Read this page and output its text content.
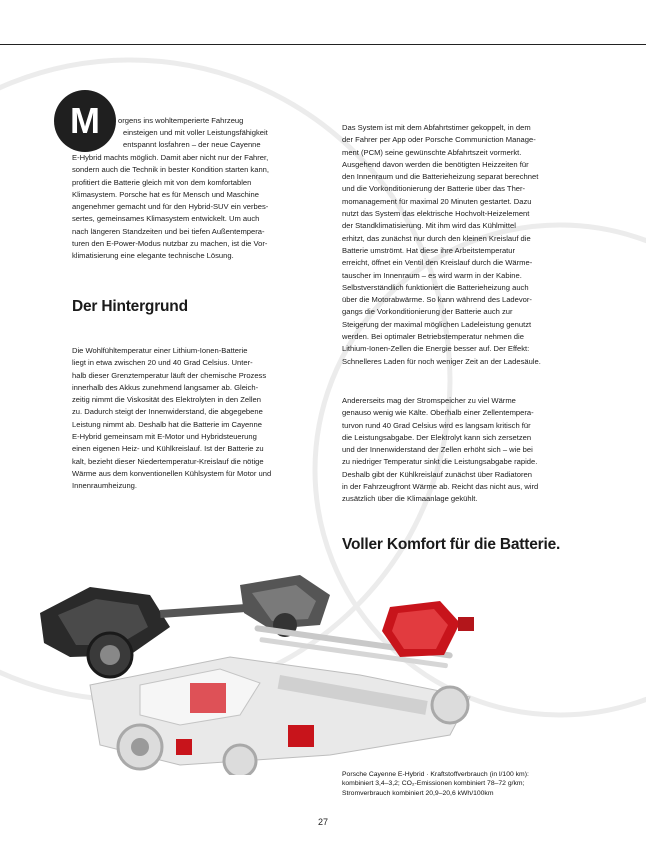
M	orgens ins wohltemperierte Fahrzeug

einsteigen und mit voller Leistungsfähigkeit

entspannt losfahren – der neue Cayenne

E-Hybrid machts möglich. Damit aber nicht nur der Fahrer,

sondern auch die Technik in bester Kondition starten kann,

profitiert die Batterie gleich mit von dem komfortablen

Klimasystem. Porsche hat es für Mensch und Maschine

angenehmer gemacht und für den Hybrid-SUV ein verbes-

sertes, gemeinsames Klimasystem entwickelt. Um auch

nach längeren Standzeiten und bei tiefen Außentempera-

turen den E-Power-Modus nutzbar zu machen, ist die Vor-

klimatisierung eine elegante technische Lösung.

Der Hintergrund

Die Wohlfühltemperatur einer Lithium-Ionen-Batterie

liegt in etwa zwischen 20 und 40 Grad Celsius. Unter-

halb dieser Grenztemperatur läuft der chemische Prozess

innerhalb des Akkus zunehmend langsamer ab. Gleich-

zeitig nimmt die Viskosität des Elektrolyten in den Zellen

zu. Dadurch steigt der Innenwiderstand, die abgegebene

Leistung nimmt ab. Deshalb hat die Batterie im Cayenne

E-Hybrid gemeinsam mit E-Motor und Hybridsteuerung

einen eigenen Heiz- und Kühlkreislauf. Ist der Batterie zu

kalt, bezieht dieser Niedertemperatur-Kreislauf die nötige

Wärme aus dem konventionellen Kühlsystem für Motor und

Innenraumheizung.

Das System ist mit dem Abfahrtstimer gekoppelt, in dem

der Fahrer per App oder Porsche Communiction Manage-

ment (PCM) seine gewünschte Abfahrtszeit vormerkt.

Ausgehend davon werden die benötigten Heizzeiten für

den Innenraum und die Batterieheizung separat berechnet

und die Vorkonditionierung der Batterie über das Ther-

momanagement für maximal 20 Minuten gestartet. Dazu

nutzt das System das elektrische Hochvolt-Heizelement

der Standklimatisierung. Mit ihm wird das Kühlmittel

erhitzt, das zunächst nur durch den kleinen Kreislauf die

Batterie umströmt. Hat diese ihre Arbeitstemperatur

erreicht, öffnet ein Ventil den Kreislauf durch die Wärme-

tauscher im Innenraum – es wird warm in der Kabine.

Selbstverständlich funktioniert die Batterieheizung auch

über die Motorabwärme. So kann während des Ladevor-

gangs die Vorkonditionierung der Batterie auch zur

Steigerung der maximal möglichen Ladeleistung genutzt

werden. Bei optimaler Betriebstemperatur nehmen die

Lithium-Ionen-Zellen die Energie besser auf. Der Effekt:

Schnelleres Laden für noch weniger Zeit an der Ladesäule.

Andererseits mag der Stromspeicher zu viel Wärme

genauso wenig wie Kälte. Oberhalb einer Zellentempera-

turvon rund 40 Grad Celsius wird es langsam kritisch für

die Leistungsabgabe. Der Elektrolyt kann sich zersetzen

und der Innenwiderstand der Zellen erhöht sich – wie bei

zu niedriger Temperatur sinkt die Leistungsabgabe rapide.

Deshalb gibt der Kühlkreislauf zunächst über Radiatoren

in der Fahrzeugfront Wärme ab. Reicht das nicht aus, wird

zusätzlich über die Klimaanlage gekühlt.

Voller Komfort für die Batterie.

Porsche Cayenne E-Hybrid · Kraftstoffverbrauch (in l/100 km):

kombiniert 3,4–3,2; CO₂-Emissionen kombiniert 78–72 g/km;

Stromverbrauch kombiniert 20,9–20,6 kWh/100km

27
